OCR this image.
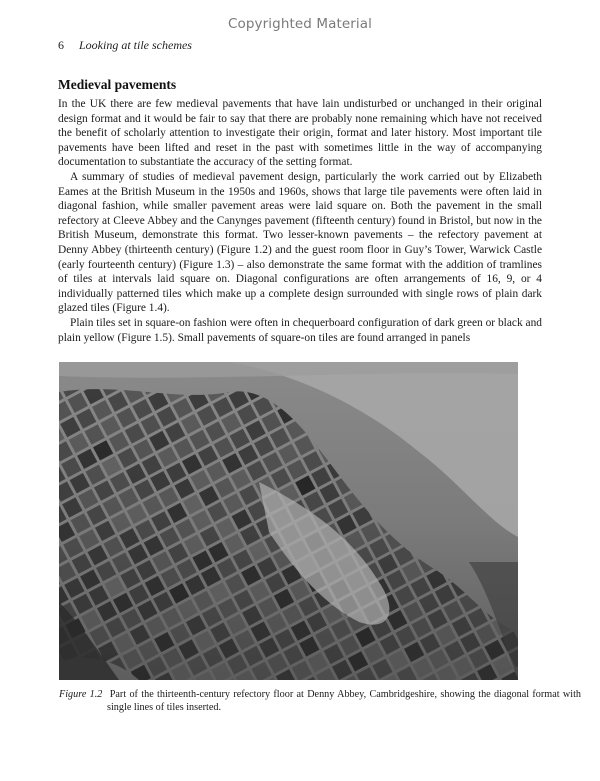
Copyrighted Material
6 Looking at tile schemes
Medieval pavements

In the UK there are few medieval pavements that have lain undisturbed or unchanged in their original design format and it would be fair to say that there are probably none remaining which have not received the benefit of scholarly attention to investigate their origin, format and later history. Most important tile pavements have been lifted and reset in the past with sometimes little in the way of accompanying documentation to substantiate the accuracy of the setting format.

A summary of studies of medieval pavement design, particularly the work carried out by Elizabeth Eames at the British Museum in the 1950s and 1960s, shows that large tile pavements were often laid in diagonal fashion, while smaller pavement areas were laid square on. Both the pavement in the small refectory at Cleeve Abbey and the Canynges pavement (fifteenth century) found in Bristol, but now in the British Museum, demonstrate this format. Two lesser-known pavements – the refectory pavement at Denny Abbey (thirteenth century) (Figure 1.2) and the guest room floor in Guy’s Tower, Warwick Castle (early fourteenth century) (Figure 1.3) – also demonstrate the same format with the addition of tramlines of tiles at intervals laid square on. Diagonal configurations are often arrangements of 16, 9, or 4 individually patterned tiles which make up a complete design surrounded with single rows of plain dark glazed tiles (Figure 1.4).

Plain tiles set in square-on fashion were often in chequerboard configuration of dark green or black and plain yellow (Figure 1.5). Small pavements of square-on tiles are found arranged in panels

Figure 1.2 Part of the thirteenth-century refectory floor at Denny Abbey, Cambridgeshire, showing the diagonal format with single lines of tiles inserted.
